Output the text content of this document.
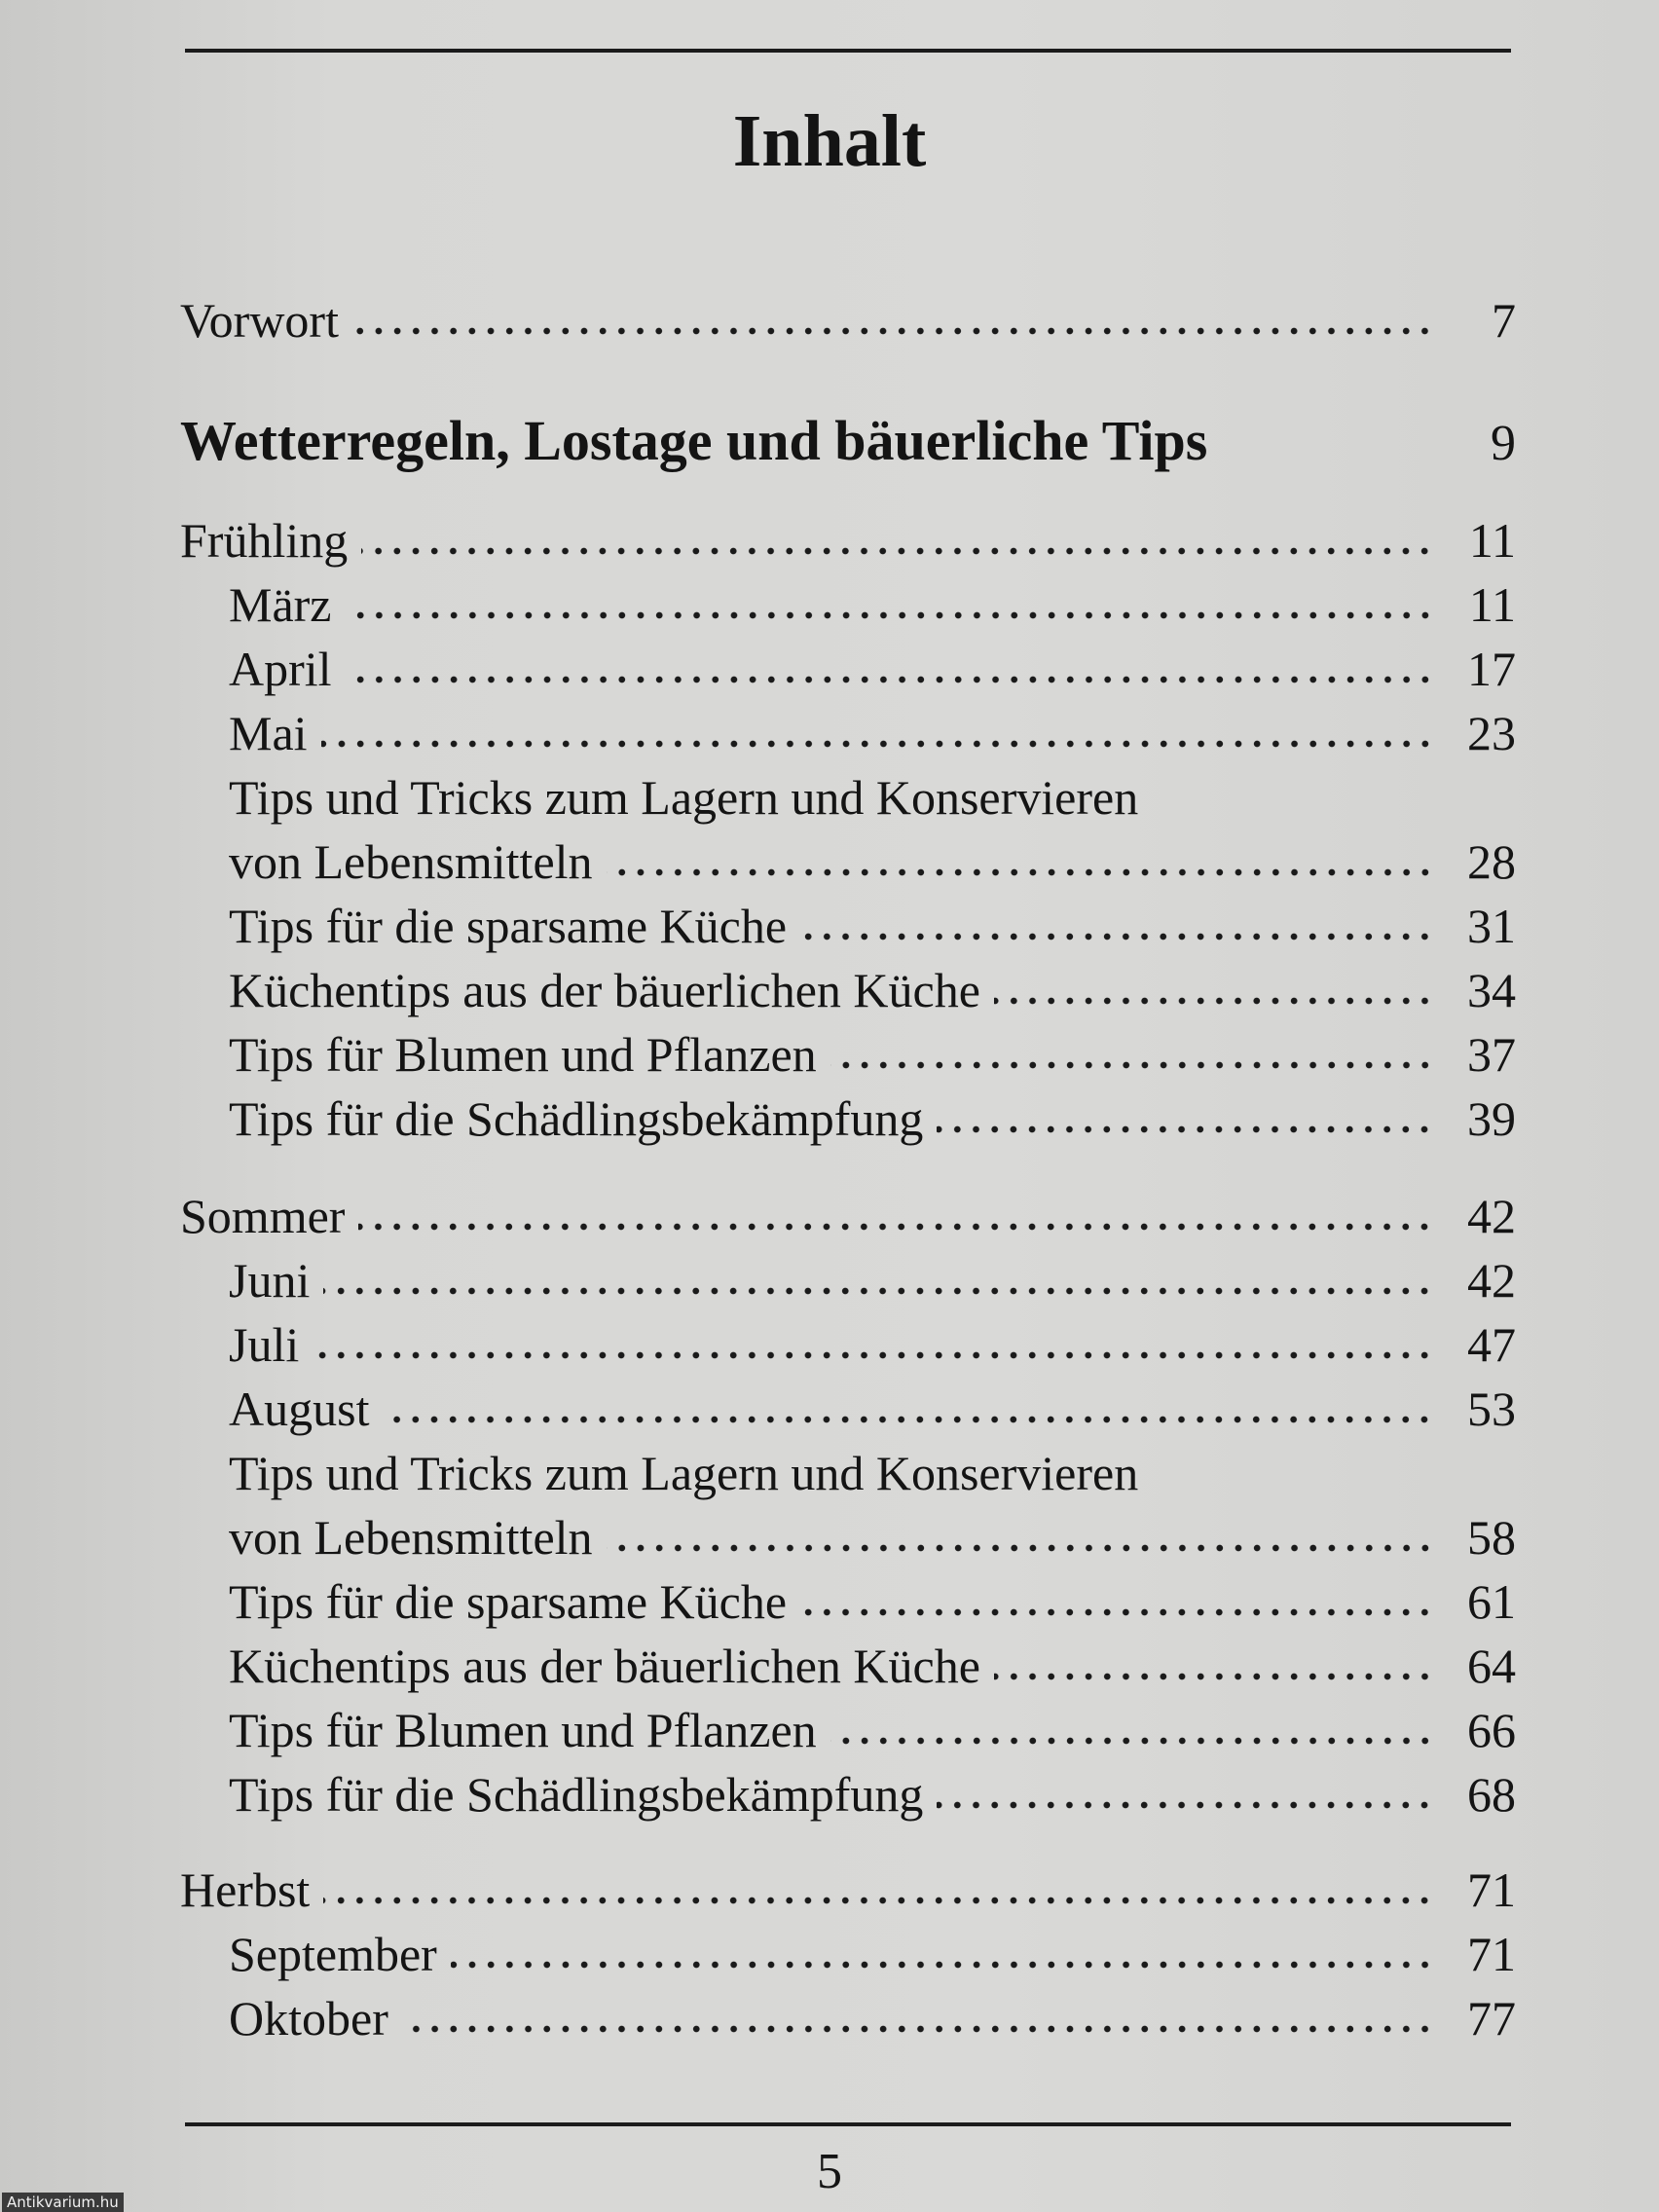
Inhalt
Vorwort	7
Wetterregeln, Lostage und bäuerliche Tips	9
Frühling	11
März	11
April	17
Mai	23
Tips und Tricks zum Lagern und Konservieren
von Lebensmitteln	28
Tips für die sparsame Küche	31
Küchentips aus der bäuerlichen Küche	34
Tips für Blumen und Pflanzen	37
Tips für die Schädlingsbekämpfung	39
Sommer	42
Juni	42
Juli	47
August	53
Tips und Tricks zum Lagern und Konservieren
von Lebensmitteln	58
Tips für die sparsame Küche	61
Küchentips aus der bäuerlichen Küche	64
Tips für Blumen und Pflanzen	66
Tips für die Schädlingsbekämpfung	68
Herbst	71
September	71
Oktober	77
5
Antikvarium.hu
